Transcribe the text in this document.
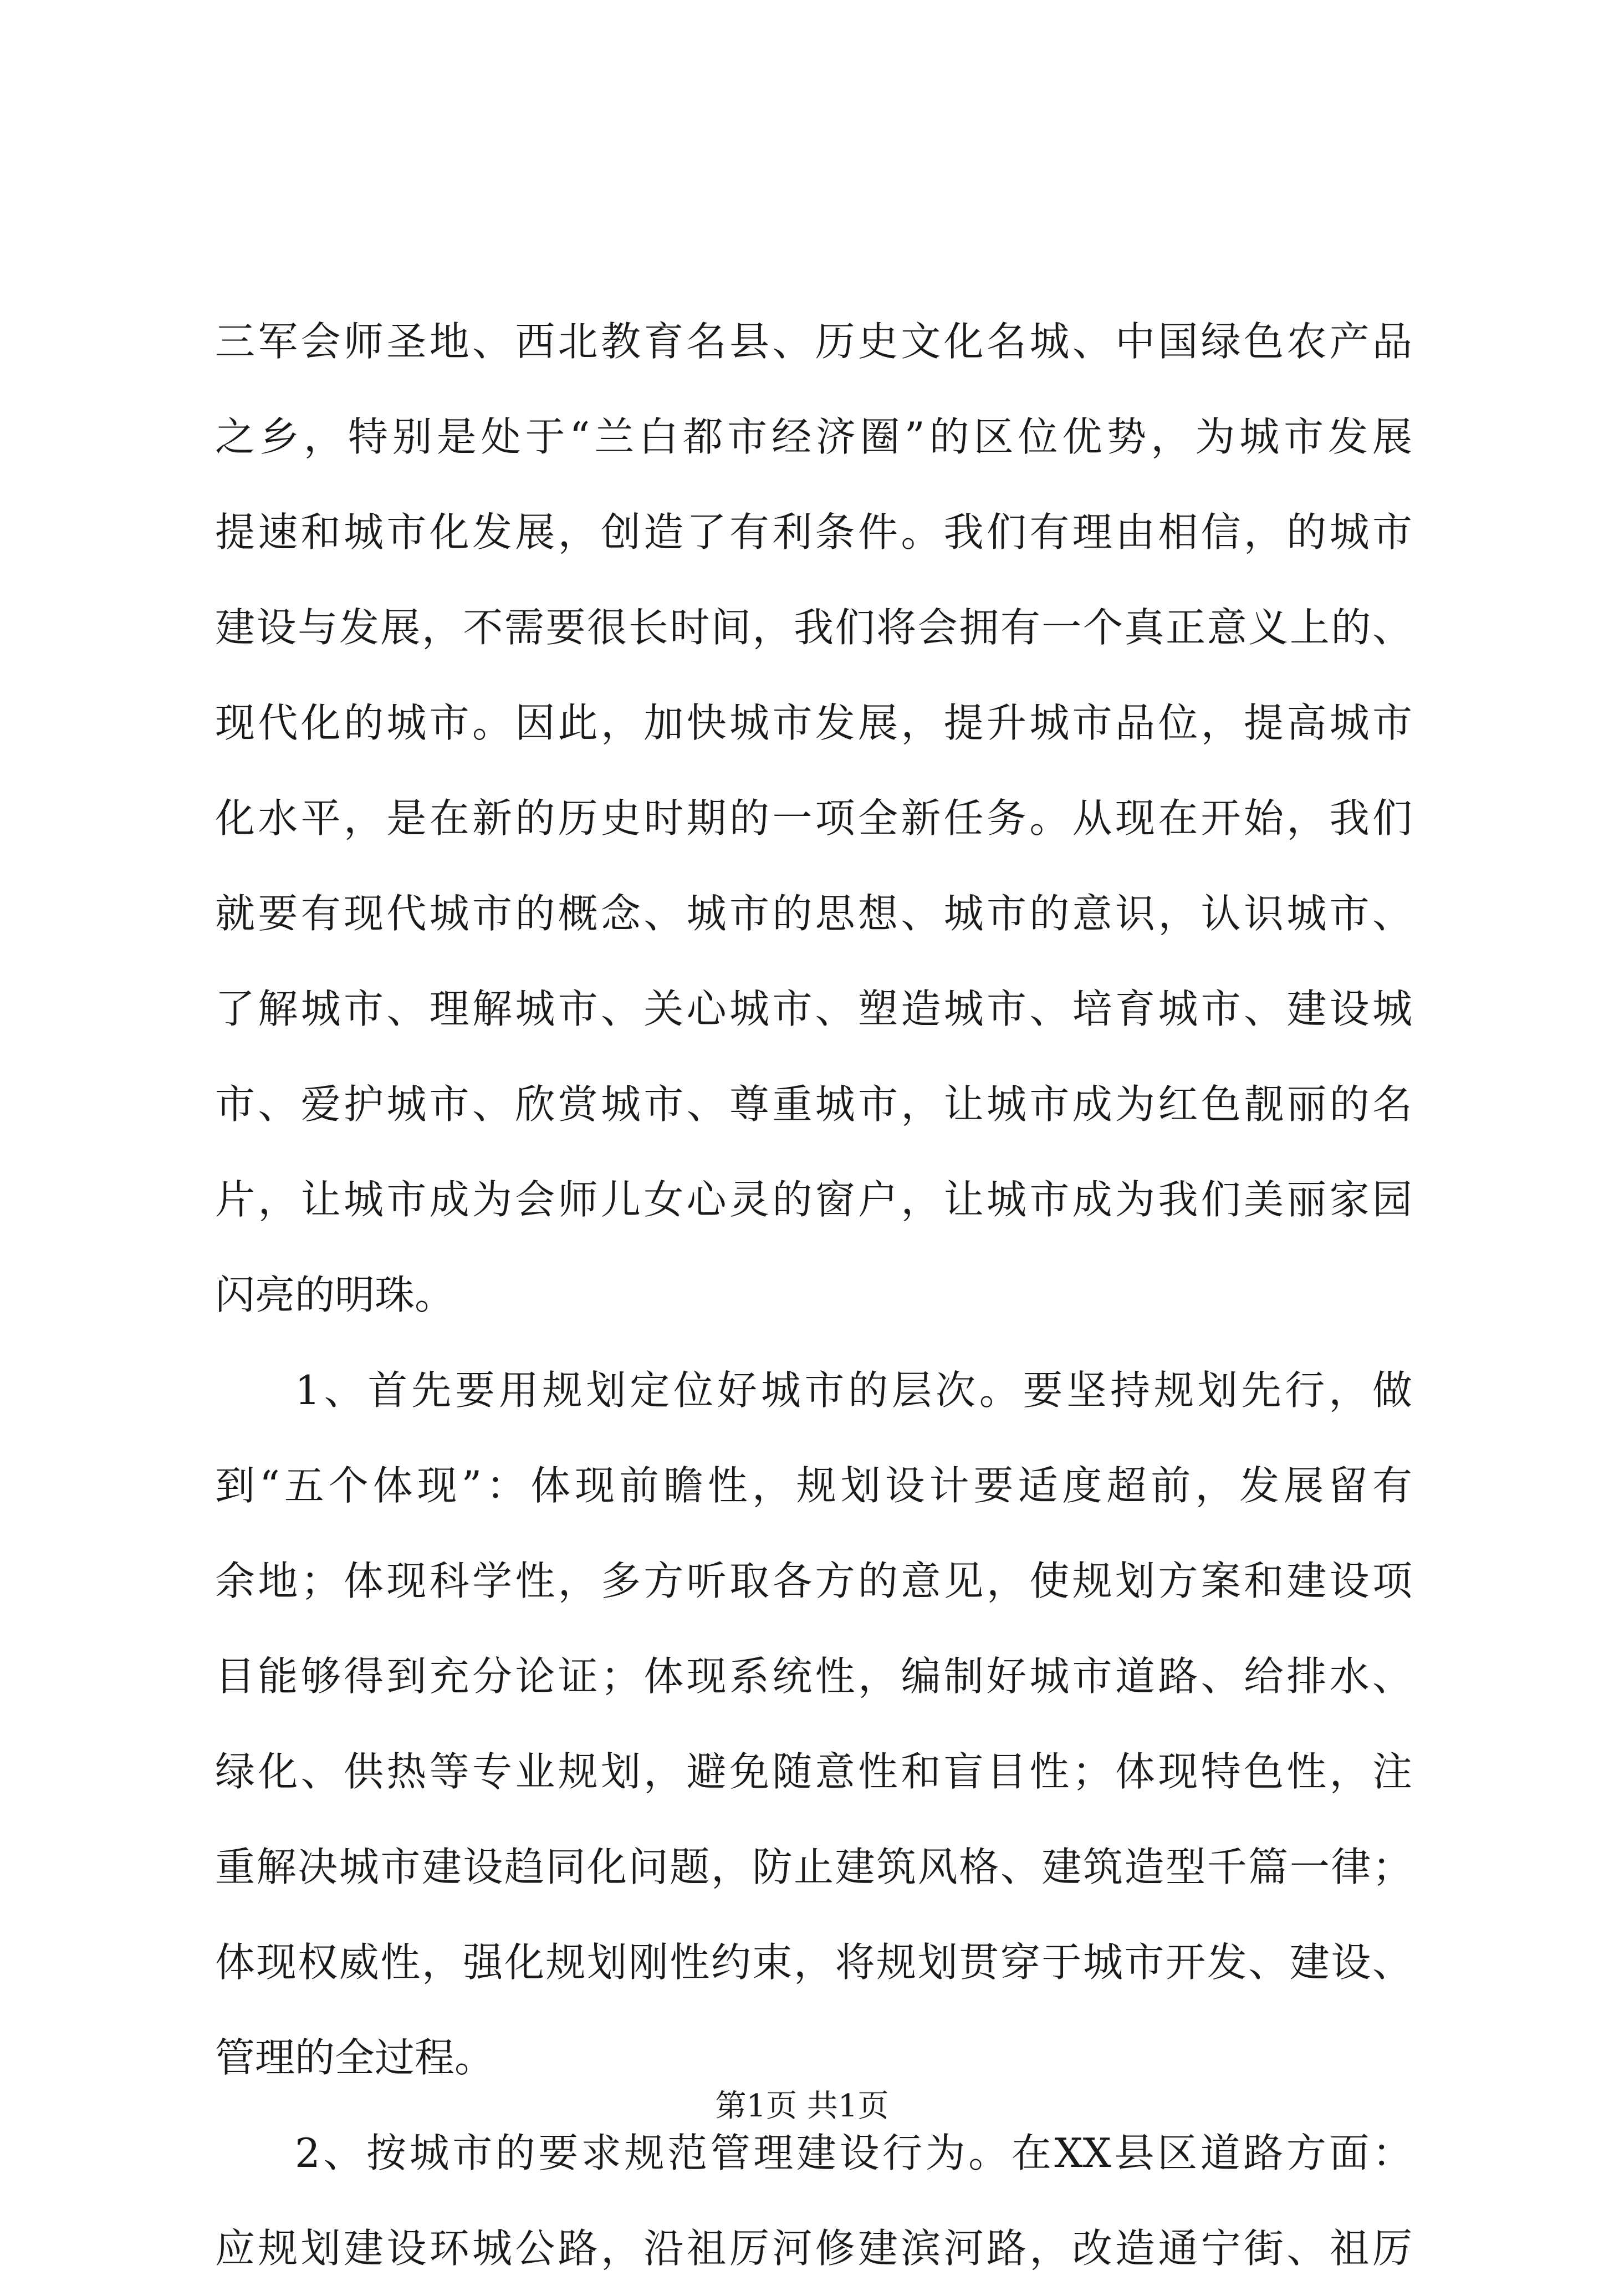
三军会师圣地、西北教育名县、历史文化名城、中国绿色农产品
之乡，特别是处于“兰白都市经济圈”的区位优势，为城市发展
提速和城市化发展，创造了有利条件。我们有理由相信，的城市
建设与发展，不需要很长时间，我们将会拥有一个真正意义上的、
现代化的城市。因此，加快城市发展，提升城市品位，提高城市
化水平，是在新的历史时期的一项全新任务。从现在开始，我们
就要有现代城市的概念、城市的思想、城市的意识，认识城市、
了解城市、理解城市、关心城市、塑造城市、培育城市、建设城
市、爱护城市、欣赏城市、尊重城市，让城市成为红色靓丽的名
片，让城市成为会师儿女心灵的窗户，让城市成为我们美丽家园
闪亮的明珠。
1、首先要用规划定位好城市的层次。要坚持规划先行，做
到“五个体现”：体现前瞻性，规划设计要适度超前，发展留有
余地；体现科学性，多方听取各方的意见，使规划方案和建设项
目能够得到充分论证；体现系统性，编制好城市道路、给排水、
绿化、供热等专业规划，避免随意性和盲目性；体现特色性，注
重解决城市建设趋同化问题，防止建筑风格、建筑造型千篇一律；
体现权威性，强化规划刚性约束，将规划贯穿于城市开发、建设、
管理的全过程。
2、按城市的要求规范管理建设行为。在XX县区道路方面：
应规划建设环城公路，沿祖厉河修建滨河路，改造通宁街、祖厉
第1页 共1页
